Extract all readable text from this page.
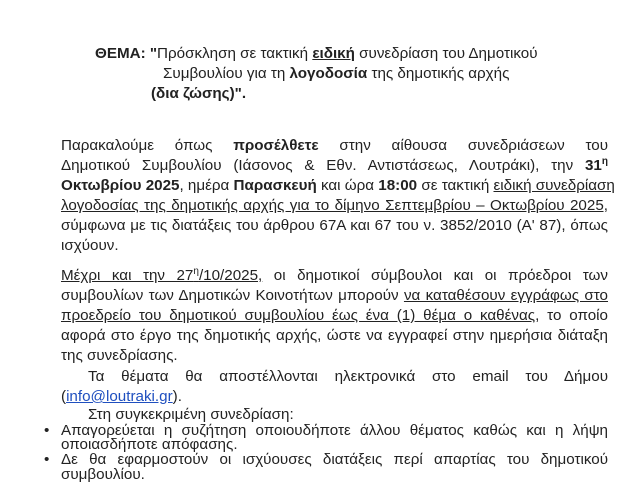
ΘΕΜΑ: "Πρόσκληση σε τακτική ειδική συνεδρίαση του Δημοτικού
Συμβουλίου για τη λογοδοσία της δημοτικής αρχής
(δια ζώσης)".
Παρακαλούμε όπως προσέλθετε στην αίθουσα συνεδριάσεων του
Δημοτικού Συμβουλίου (Ιάσονος & Εθν. Αντιστάσεως, Λουτράκι), την $31^\eta$
Οκτωβρίου 2025, ημέρα Παρασκευή και ώρα 18:00 σε τακτική ειδική συνεδρίαση
λογοδοσίας της δημοτικής αρχής για το δίμηνο Σεπτεμβρίου – Οκτωβρίου 2025,
σύμφωνα με τις διατάξεις του άρθρου 67Α και 67 του ν. 3852/2010 (Α' 87), όπως
ισχύουν.
Μέχρι και την $27^\eta/10/2025$, οι δημοτικοί σύμβουλοι και οι πρόεδροι των
συμβουλίων των Δημοτικών Κοινοτήτων μπορούν να καταθέσουν εγγράφως στο
προεδρείο του δημοτικού συμβουλίου έως ένα (1) θέμα ο καθένας, το οποίο
αφορά στο έργο της δημοτικής αρχής, ώστε να εγγραφεί στην ημερήσια διάταξη
της συνεδρίασης.
Τα θέματα θα αποστέλλονται ηλεκτρονικά στο email του Δήμου
(info@loutraki.gr).
Στη συγκεκριμένη συνεδρίαση:
• Απαγορεύεται η συζήτηση οποιουδήποτε άλλου θέματος καθώς και η λήψη
οποιασδήποτε απόφασης.
• Δε θα εφαρμοστούν οι ισχύουσες διατάξεις περί απαρτίας του δημοτικού
συμβουλίου.
